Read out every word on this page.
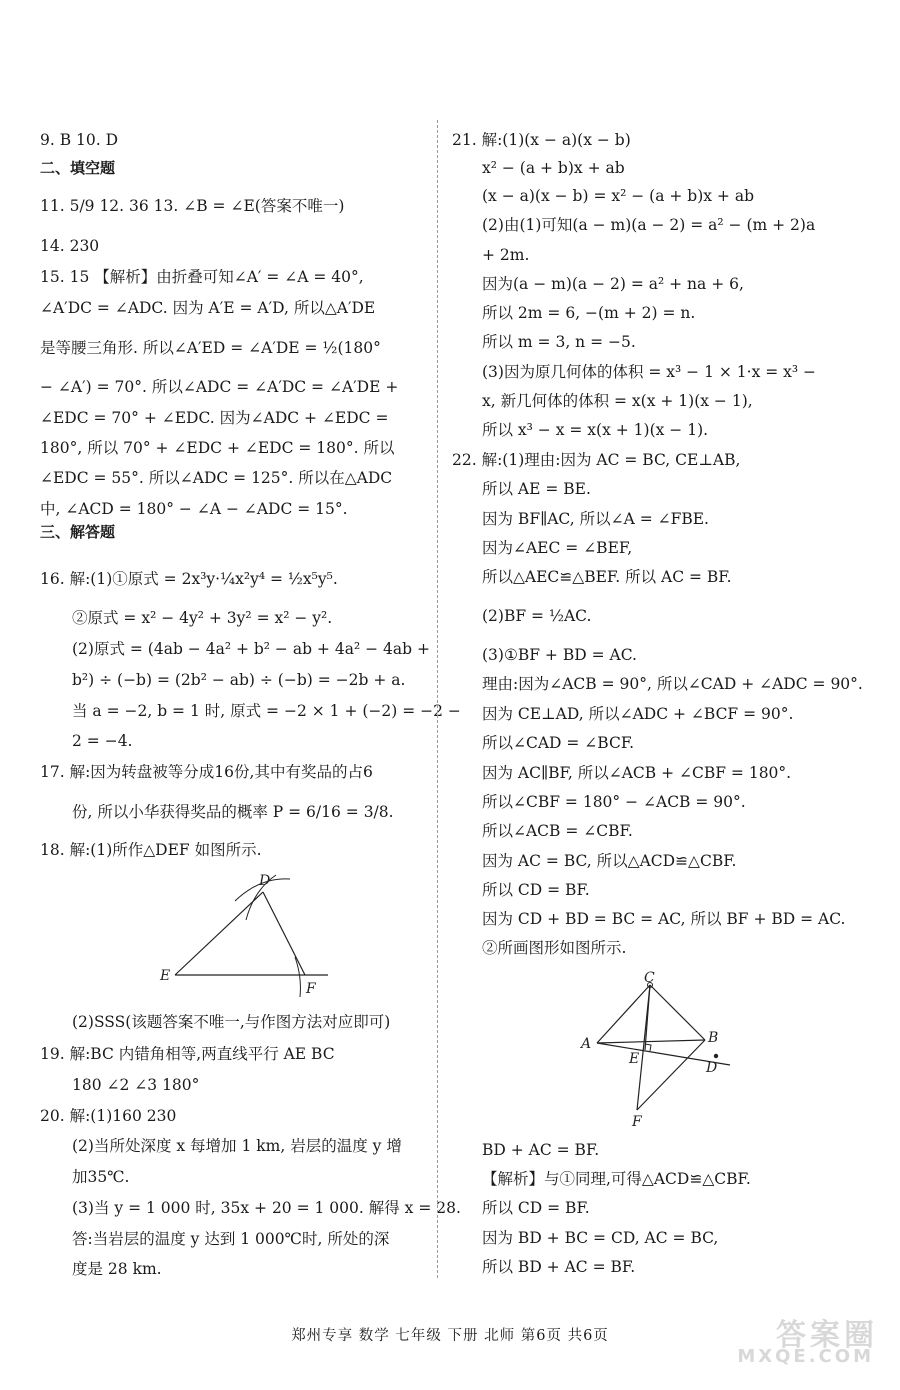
9. B 10. D
二、填空题
11. 5/9 12. 36 13. ∠B = ∠E(答案不唯一)
14. 230
15. 15 【解析】由折叠可知∠A′ = ∠A = 40°,
∠A′DC = ∠ADC. 因为 A′E = A′D, 所以△A′DE
是等腰三角形. 所以∠A′ED = ∠A′DE = ½(180°
− ∠A′) = 70°. 所以∠ADC = ∠A′DC = ∠A′DE +
∠EDC = 70° + ∠EDC. 因为∠ADC + ∠EDC =
180°, 所以 70° + ∠EDC + ∠EDC = 180°. 所以
∠EDC = 55°. 所以∠ADC = 125°. 所以在△ADC
中, ∠ACD = 180° − ∠A − ∠ADC = 15°.
三、解答题
16. 解:(1)①原式 = 2x³y·¼x²y⁴ = ½x⁵y⁵.
②原式 = x² − 4y² + 3y² = x² − y².
(2)原式 = (4ab − 4a² + b² − ab + 4a² − 4ab +
b²) ÷ (−b) = (2b² − ab) ÷ (−b) = −2b + a.
当 a = −2, b = 1 时, 原式 = −2 × 1 + (−2) = −2 −
2 = −4.
17. 解:因为转盘被等分成16份,其中有奖品的占6
份, 所以小华获得奖品的概率 P = 6/16 = 3/8.
18. 解:(1)所作△DEF 如图所示.
(2)SSS(该题答案不唯一,与作图方法对应即可)
19. 解:BC 内错角相等,两直线平行 AE BC
180 ∠2 ∠3 180°
20. 解:(1)160 230
(2)当所处深度 x 每增加 1 km, 岩层的温度 y 增
加35℃.
(3)当 y = 1 000 时, 35x + 20 = 1 000. 解得 x = 28.
答:当岩层的温度 y 达到 1 000℃时, 所处的深
度是 28 km.
21. 解:(1)(x − a)(x − b)
x² − (a + b)x + ab
(x − a)(x − b) = x² − (a + b)x + ab
(2)由(1)可知(a − m)(a − 2) = a² − (m + 2)a
+ 2m.
因为(a − m)(a − 2) = a² + na + 6,
所以 2m = 6, −(m + 2) = n.
所以 m = 3, n = −5.
(3)因为原几何体的体积 = x³ − 1 × 1·x = x³ −
x, 新几何体的体积 = x(x + 1)(x − 1),
所以 x³ − x = x(x + 1)(x − 1).
22. 解:(1)理由:因为 AC = BC, CE⊥AB,
所以 AE = BE.
因为 BF∥AC, 所以∠A = ∠FBE.
因为∠AEC = ∠BEF,
所以△AEC≌△BEF. 所以 AC = BF.
(2)BF = ½AC.
(3)①BF + BD = AC.
理由:因为∠ACB = 90°, 所以∠CAD + ∠ADC = 90°.
因为 CE⊥AD, 所以∠ADC + ∠BCF = 90°.
所以∠CAD = ∠BCF.
因为 AC∥BF, 所以∠ACB + ∠CBF = 180°.
所以∠CBF = 180° − ∠ACB = 90°.
所以∠ACB = ∠CBF.
因为 AC = BC, 所以△ACD≌△CBF.
所以 CD = BF.
因为 CD + BD = BC = AC, 所以 BF + BD = AC.
②所画图形如图所示.
BD + AC = BF.
【解析】与①同理,可得△ACD≌△CBF.
所以 CD = BF.
因为 BD + BC = CD, AC = BC,
所以 BD + AC = BF.
D
E
F
C
A	B
E
D
F
郑州专享 数学 七年级 下册 北师 第6页 共6页	答案圈
MXQE.COM
